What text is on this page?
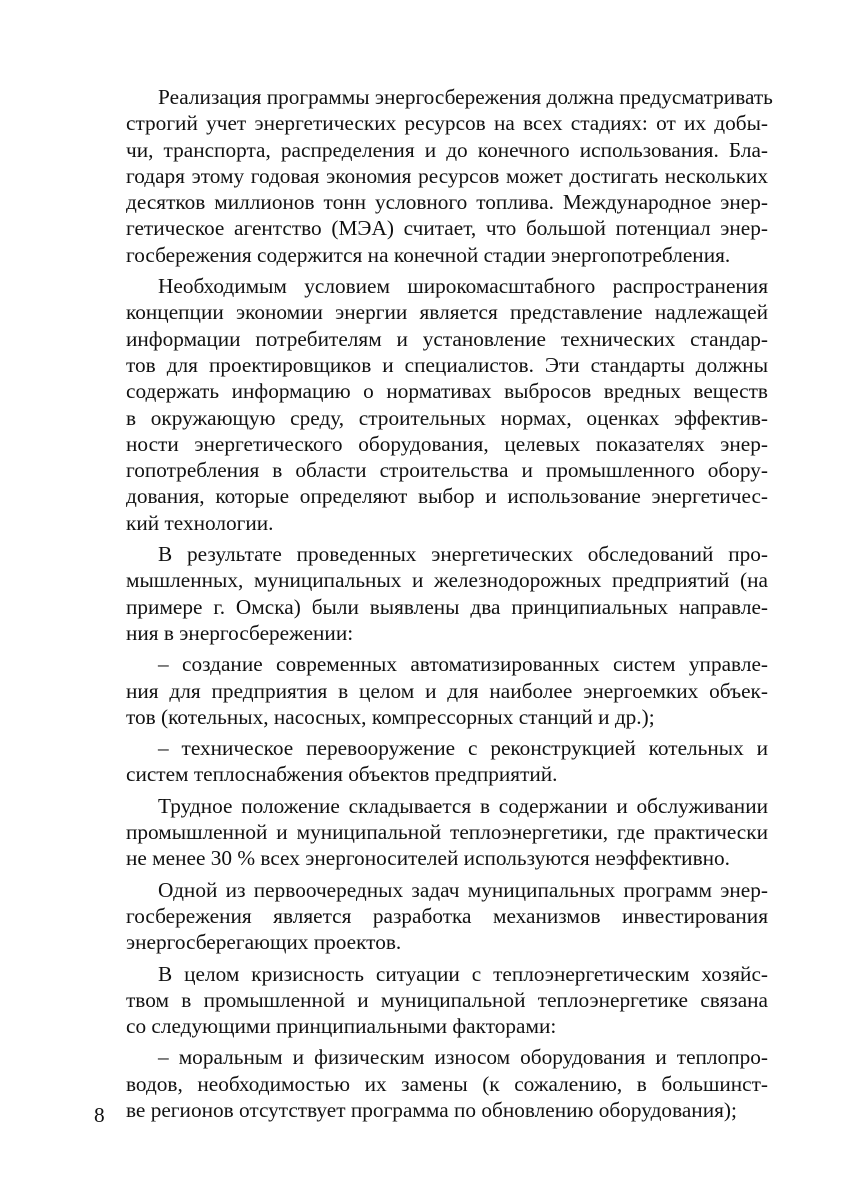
Реализация программы энергосбережения должна предусматривать
строгий учет энергетических ресурсов на всех стадиях: от их добы-
чи, транспорта, распределения и до конечного использования. Бла-
годаря этому годовая экономия ресурсов может достигать нескольких
десятков миллионов тонн условного топлива. Международное энер-
гетическое агентство (МЭА) считает, что большой потенциал энер-
госбережения содержится на конечной стадии энергопотребления.
Необходимым условием широкомасштабного распространения
концепции экономии энергии является представление надлежащей
информации потребителям и установление технических стандар-
тов для проектировщиков и специалистов. Эти стандарты должны
содержать информацию о нормативах выбросов вредных веществ
в окружающую среду, строительных нормах, оценках эффектив-
ности энергетического оборудования, целевых показателях энер-
гопотребления в области строительства и промышленного обору-
дования, которые определяют выбор и использование энергетичес-
кий технологии.
В результате проведенных энергетических обследований про-
мышленных, муниципальных и железнодорожных предприятий (на
примере г. Омска) были выявлены два принципиальных направле-
ния в энергосбережении:
– создание современных автоматизированных систем управле-
ния для предприятия в целом и для наиболее энергоемких объек-
тов (котельных, насосных, компрессорных станций и др.);
– техническое перевооружение с реконструкцией котельных и
систем теплоснабжения объектов предприятий.
Трудное положение складывается в содержании и обслуживании
промышленной и муниципальной теплоэнергетики, где практически
не менее 30 % всех энергоносителей используются неэффективно.
Одной из первоочередных задач муниципальных программ энер-
госбережения является разработка механизмов инвестирования
энергосберегающих проектов.
В целом кризисность ситуации с теплоэнергетическим хозяйс-
твом в промышленной и муниципальной теплоэнергетике связана
со следующими принципиальными факторами:
– моральным и физическим износом оборудования и теплопро-
водов, необходимостью их замены (к сожалению, в большинст-
ве регионов отсутствует программа по обновлению оборудования);
8
